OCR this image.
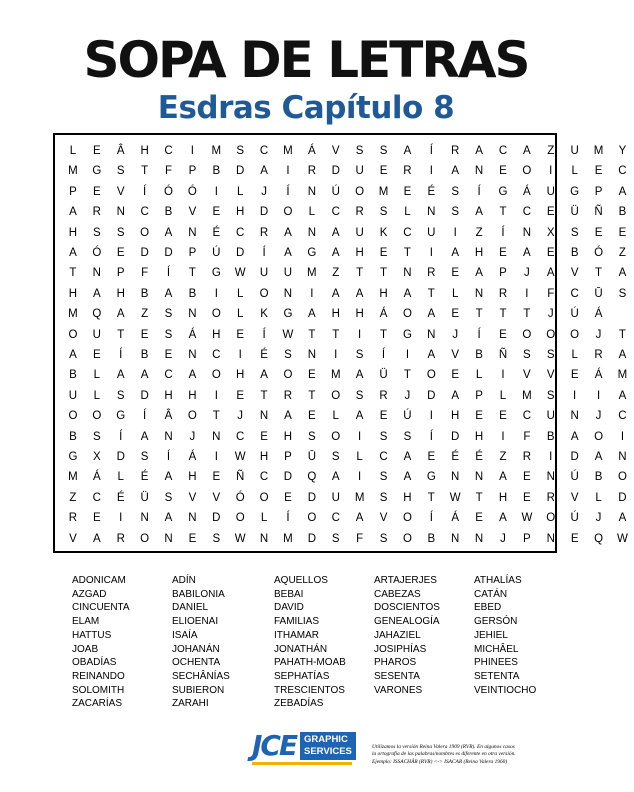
SOPA DE LETRAS
Esdras Capítulo 8
L	E	Â	H	C	I	M	S	C	M	Á	V	S	S	A	Í	R	A	C	A	Z	U	M	Y
M	G	S	T	F	P	B	D	A	I	R	D	U	E	R	I	A	N	E	O	I	L	E	C
P	E	V	Í	Ó	Ó	I	L	J	Í	N	Ú	O	M	E	É	S	Í	G	Á	U	G	P	A
A	R	N	C	B	V	E	H	D	O	L	C	R	S	L	N	S	A	T	C	E	Ü	Ñ	B
H	S	S	O	A	N	É	C	R	A	N	A	U	K	C	U	I	Z	Í	N	X	S	E	E
A	Ó	E	D	D	P	Ú	D	Í	A	G	A	H	E	T	I	A	H	E	A	E	B	Ó	Z
T	N	P	F	Í	T	G	W	U	U	M	Z	T	T	N	R	E	A	P	J	A	V	T	A
H	A	H	B	A	B	I	L	O	N	I	A	A	H	A	T	L	N	R	I	F	C	Ū	S
M	Q	A	Z	S	N	O	L	K	G	A	H	H	Á	O	A	E	T	T	T	J	Ú	Á
O	U	T	E	S	Á	H	E	Í	W	T	T	I	T	G	N	J	Í	E	O	O	O	J	T
A	E	Í	B	E	N	C	I	É	S	N	I	S	Í	I	A	V	B	Ñ	S	S	L	R	A
B	L	A	A	C	A	O	H	A	O	E	M	A	Ü	T	O	E	L	I	V	V	E	Á	M
U	L	S	D	H	H	I	E	T	R	T	O	S	R	J	D	A	P	L	M	S	I	I	A
O	O	G	Í	Â	O	T	J	N	A	E	L	A	E	Ú	I	H	E	E	C	U	N	J	C
B	S	Í	A	N	J	N	C	E	H	S	O	I	S	S	Í	D	H	I	F	B	A	O	I
G	X	D	S	Í	Á	I	W	H	P	Ū	S	L	C	A	E	É	É	Z	R	I	D	A	N
M	Á	L	É	A	H	E	Ñ	C	D	Q	A	I	S	A	G	N	N	A	E	N	Ú	B	O
Z	C	É	Ü	S	V	V	Ó	O	E	D	U	M	S	H	T	W	T	H	E	R	V	L	D
R	E	I	N	A	N	D	O	L	Í	O	C	A	V	O	Í	Á	E	A	W	O	Ú	J	A
V	A	R	O	N	E	S	W	N	M	D	S	F	S	O	B	N	N	J	P	N	E	Q	W
ADONICAM
AZGAD
CINCUENTA
ELAM
HATTUS
JOAB
OBADÍAS
REINANDO
SOLOMITH
ZACARÍAS
ADÍN
BABILONIA
DANIEL
ELIOENAI
ISAÍA
JOHANÁN
OCHENTA
SECHÂNÍAS
SUBIERON
ZARAHI
AQUELLOS
BEBAI
DAVID
FAMILIAS
ITHAMAR
JONATHÁN
PAHATH-MOAB
SEPHATÍAS
TRESCIENTOS
ZEBADÍAS
ARTAJERJES
CABEZAS
DOSCIENTOS
GENEALOGÍA
JAHAZIEL
JOSIPHÍAS
PHAROS
SESENTA
VARONES
ATHALÍAS
CATÁN
EBED
GERSÓN
JEHIEL
MICHÂEL
PHINEES
SETENTA
VEINTIOCHO
JCE GRAPHIC
SERVICES	Utilizamos la versión Reina Valera 1909 (RVR). En algunos casos
la ortografía de las palabras/nombres es diferente en otra versión.
Ejemplo: ISSACHÂR (RVR) <-> ISACAR (Reina Valera 1960)
